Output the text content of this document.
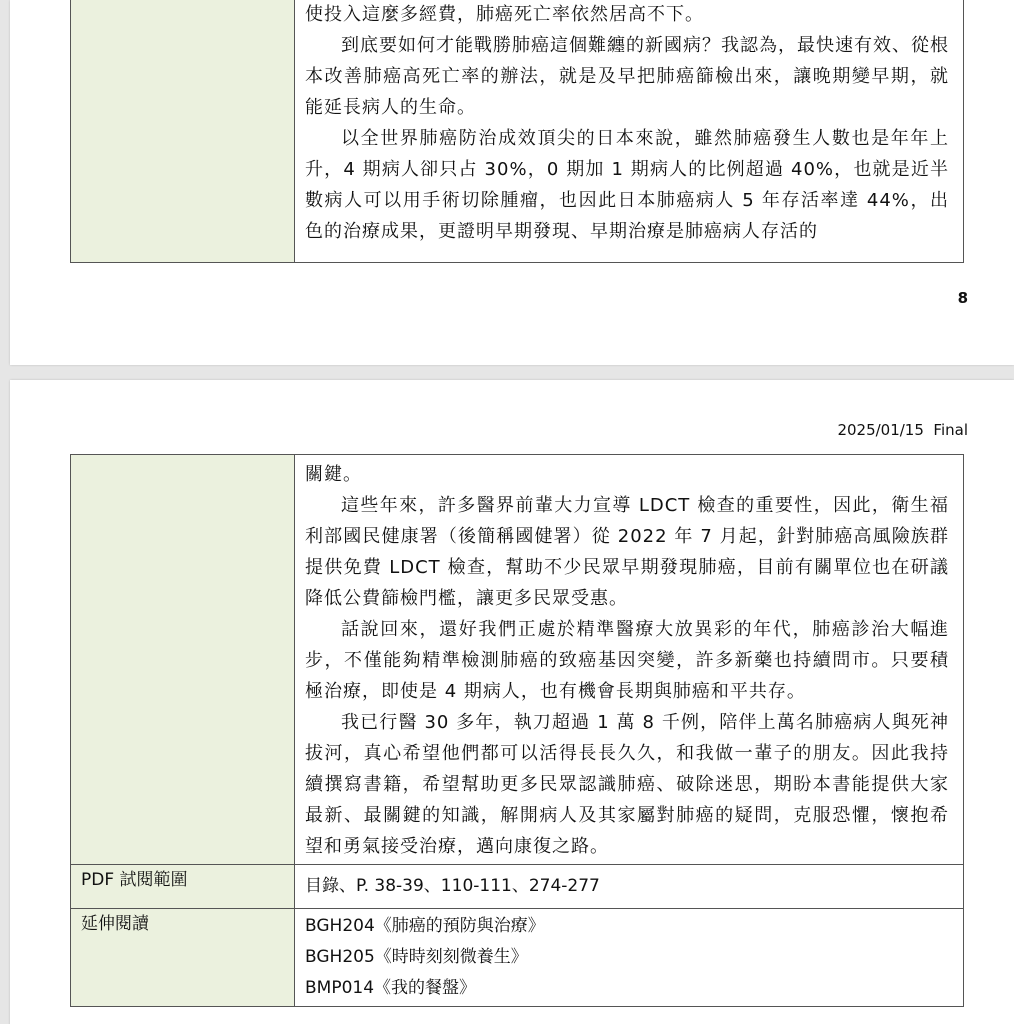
使投入這麼多經費，肺癌死亡率依然居高不下。

到底要如何才能戰勝肺癌這個難纏的新國病？我認為，最快速有效、從根本改善肺癌高死亡率的辦法，就是及早把肺癌篩檢出來，讓晚期變早期，就能延長病人的生命。

以全世界肺癌防治成效頂尖的日本來說，雖然肺癌發生人數也是年年上升，4 期病人卻只占 30%，0 期加 1 期病人的比例超過 40%，也就是近半數病人可以用手術切除腫瘤，也因此日本肺癌病人 5 年存活率達 44%，出色的治療成果，更證明早期發現、早期治療是肺癌病人存活的

8
2025/01/15  Final

	關鍵。

這些年來，許多醫界前輩大力宣導 LDCT 檢查的重要性，因此，衛生福利部國民健康署（後簡稱國健署）從 2022 年 7 月起，針對肺癌高風險族群提供免費 LDCT 檢查，幫助不少民眾早期發現肺癌，目前有關單位也在研議降低公費篩檢門檻，讓更多民眾受惠。

話說回來，還好我們正處於精準醫療大放異彩的年代，肺癌診治大幅進步，不僅能夠精準檢測肺癌的致癌基因突變，許多新藥也持續問市。只要積極治療，即使是 4 期病人，也有機會長期與肺癌和平共存。

我已行醫 30 多年，執刀超過 1 萬 8 千例，陪伴上萬名肺癌病人與死神拔河，真心希望他們都可以活得長長久久，和我做一輩子的朋友。因此我持續撰寫書籍，希望幫助更多民眾認識肺癌、破除迷思，期盼本書能提供大家最新、最關鍵的知識，解開病人及其家屬對肺癌的疑問，克服恐懼，懷抱希望和勇氣接受治療，邁向康復之路。

PDF 試閱範圍	目錄、P. 38-39、110-111、274-277
延伸閱讀	BGH204《肺癌的預防與治療》
BGH205《時時刻刻微養生》
BMP014《我的餐盤》
